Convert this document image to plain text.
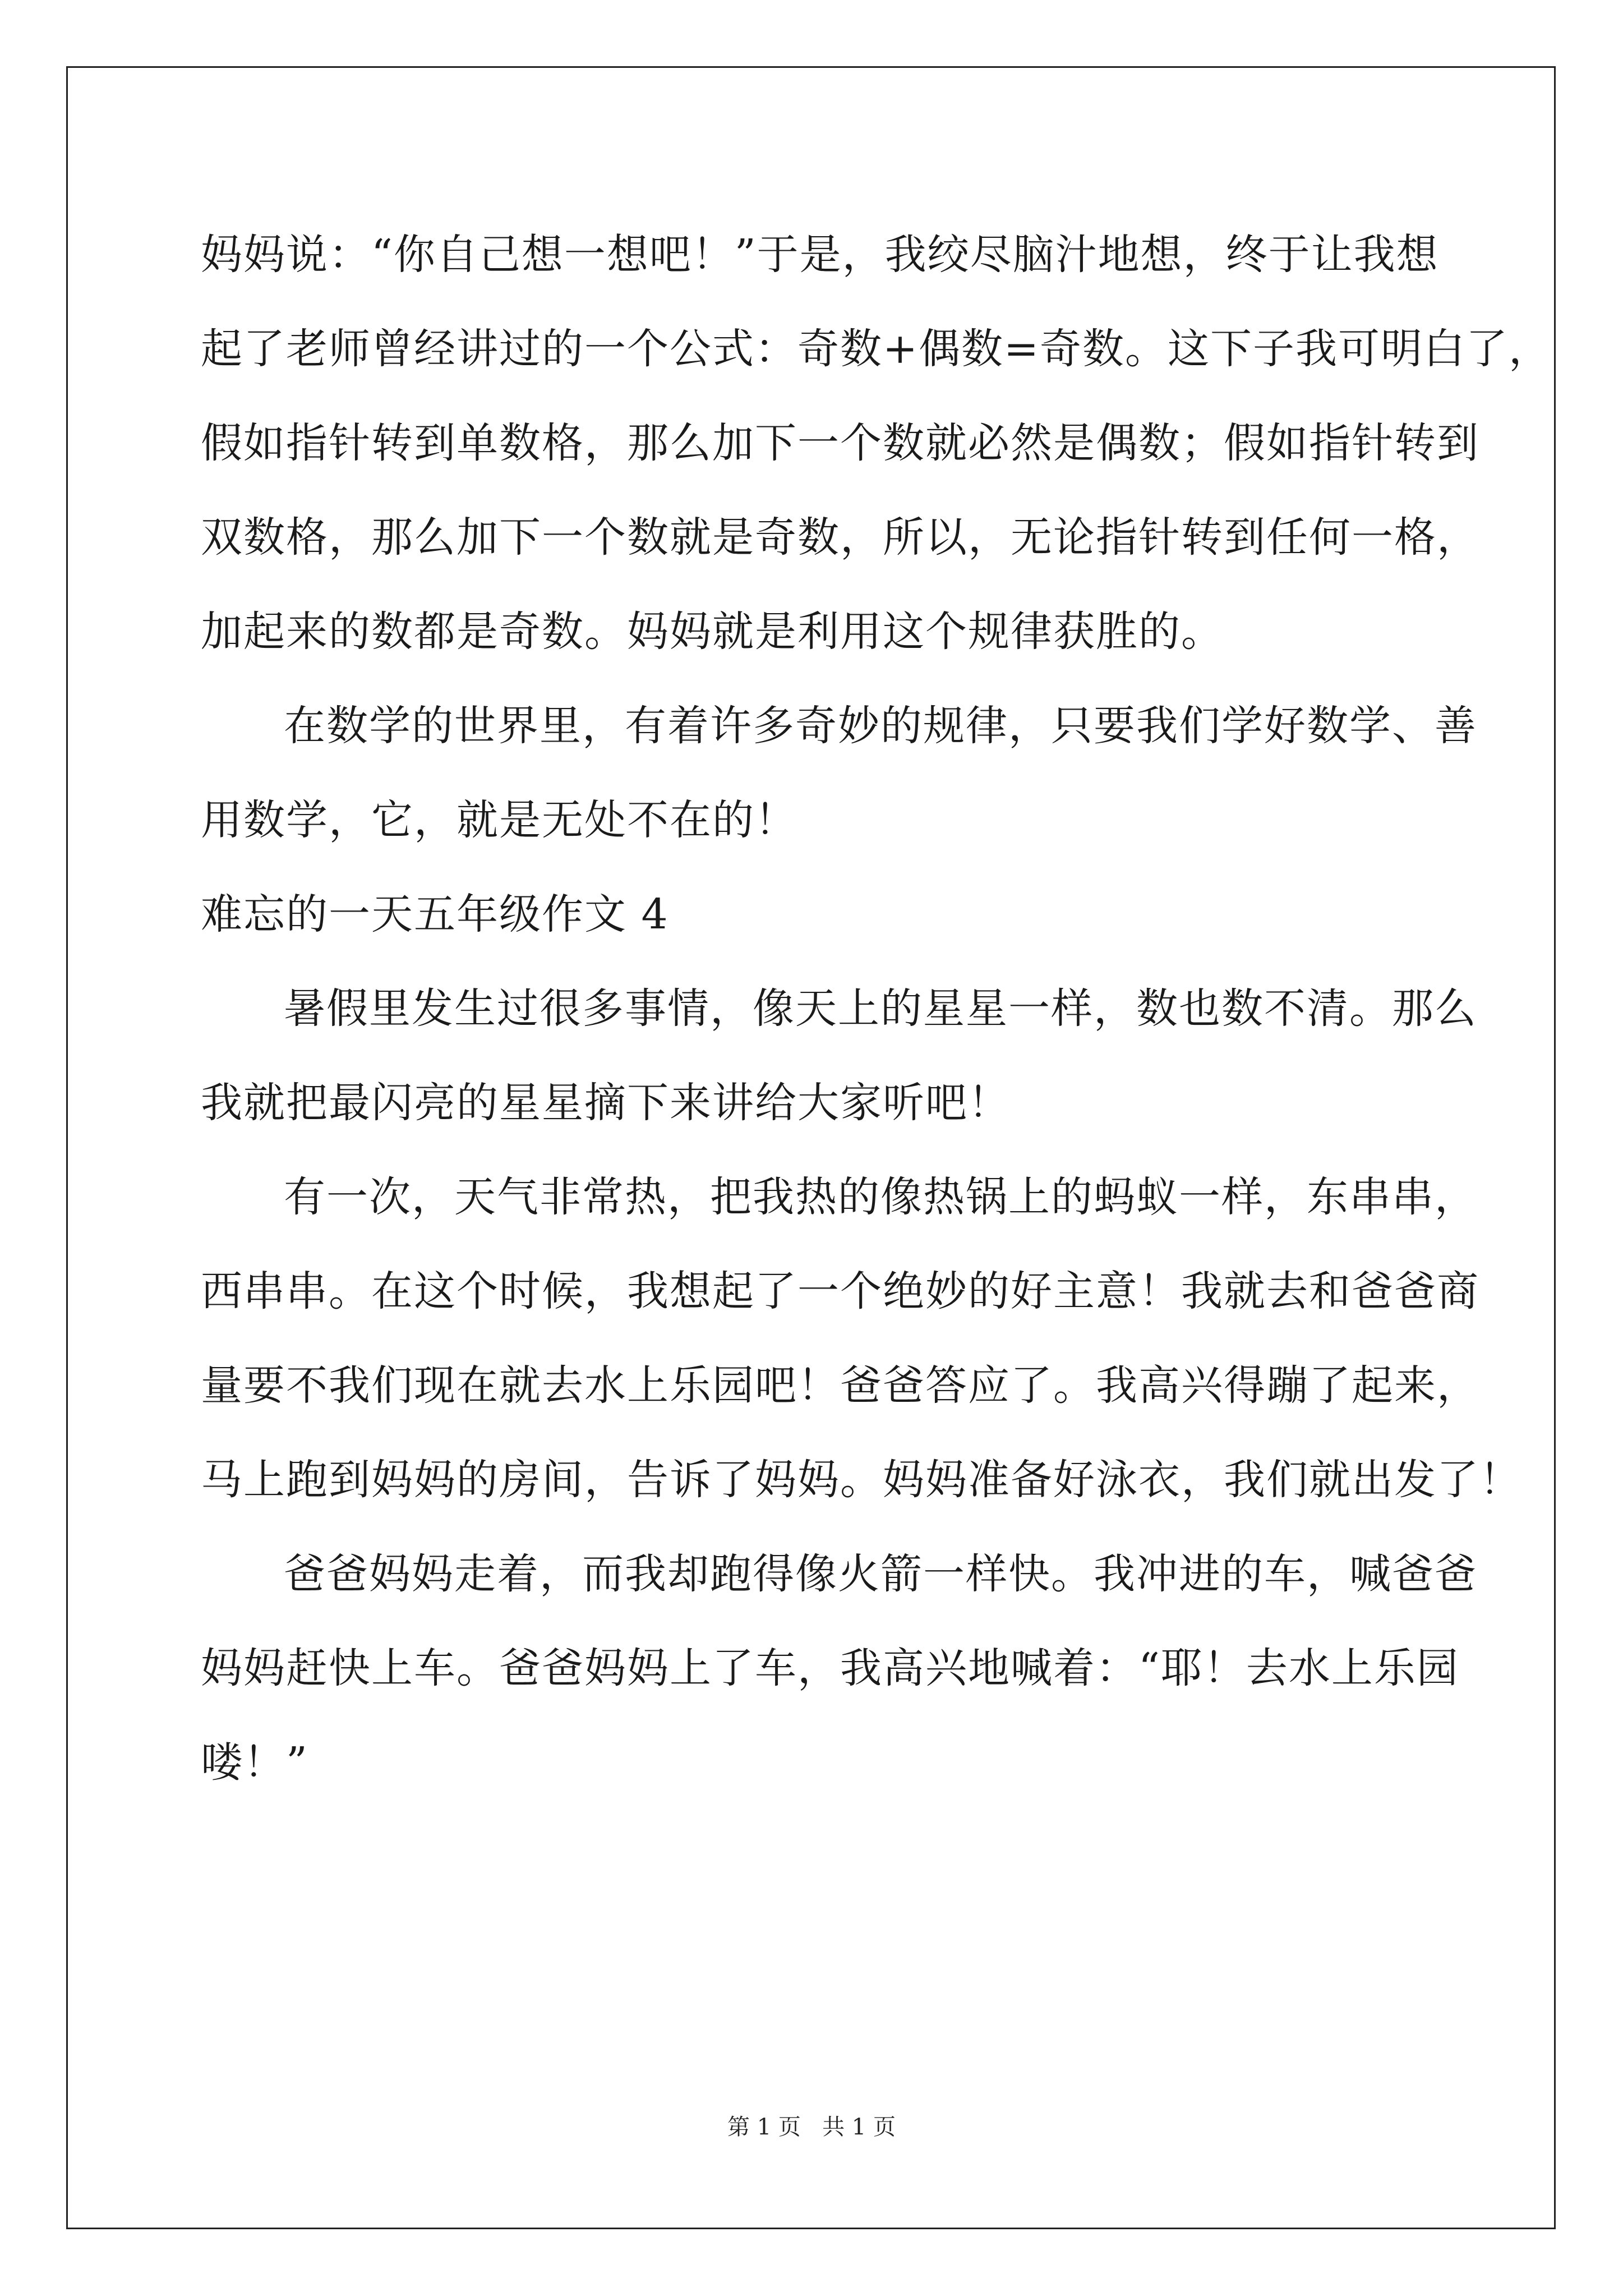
妈妈说：“你自己想一想吧！”于是，我绞尽脑汁地想，终于让我想
起了老师曾经讲过的一个公式：奇数+偶数=奇数。这下子我可明白了，
假如指针转到单数格，那么加下一个数就必然是偶数；假如指针转到
双数格，那么加下一个数就是奇数，所以，无论指针转到任何一格，
加起来的数都是奇数。妈妈就是利用这个规律获胜的。
在数学的世界里，有着许多奇妙的规律，只要我们学好数学、善
用数学，它，就是无处不在的！
难忘的一天五年级作文 4
暑假里发生过很多事情，像天上的星星一样，数也数不清。那么
我就把最闪亮的星星摘下来讲给大家听吧！
有一次，天气非常热，把我热的像热锅上的蚂蚁一样，东串串，
西串串。在这个时候，我想起了一个绝妙的好主意！我就去和爸爸商
量要不我们现在就去水上乐园吧！爸爸答应了。我高兴得蹦了起来，
马上跑到妈妈的房间，告诉了妈妈。妈妈准备好泳衣，我们就出发了！
爸爸妈妈走着，而我却跑得像火箭一样快。我冲进的车，喊爸爸
妈妈赶快上车。爸爸妈妈上了车，我高兴地喊着：“耶！去水上乐园
喽！”
第 1 页   共 1 页
